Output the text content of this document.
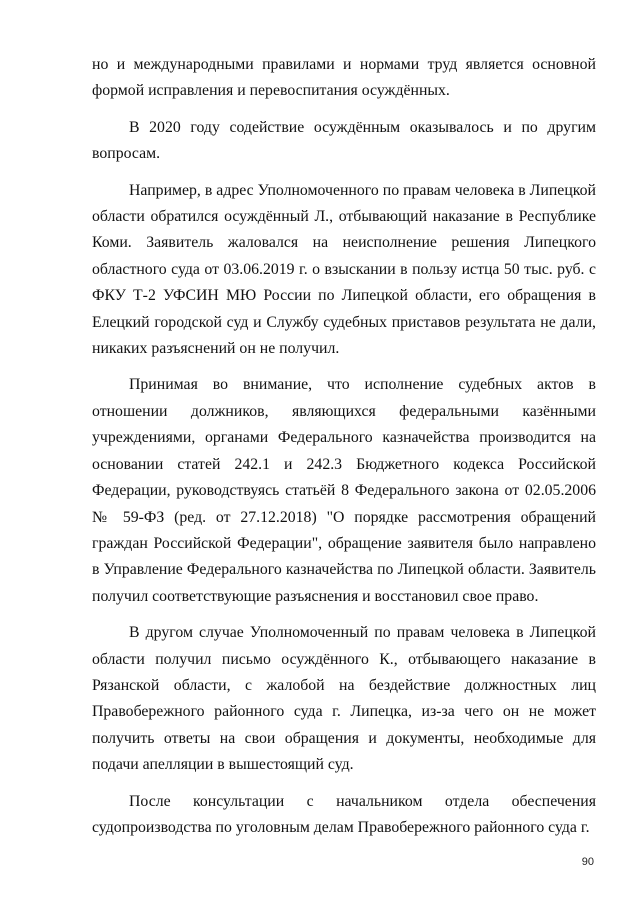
но и международными правилами и нормами труд является основной формой исправления и перевоспитания осуждённых.

В 2020 году содействие осуждённым оказывалось и по другим вопросам.

Например, в адрес Уполномоченного по правам человека в Липецкой области обратился осуждённый Л., отбывающий наказание в Республике Коми. Заявитель жаловался на неисполнение решения Липецкого областного суда от 03.06.2019 г. о взыскании в пользу истца 50 тыс. руб. с ФКУ Т-2 УФСИН МЮ России по Липецкой области, его обращения в Елецкий городской суд и Службу судебных приставов результата не дали, никаких разъяснений он не получил.

Принимая во внимание, что исполнение судебных актов в отношении должников, являющихся федеральными казёнными учреждениями, органами Федерального казначейства производится на основании статей 242.1 и 242.3 Бюджетного кодекса Российской Федерации, руководствуясь статьёй 8 Федерального закона от 02.05.2006 № 59-ФЗ (ред. от 27.12.2018) "О порядке рассмотрения обращений граждан Российской Федерации", обращение заявителя было направлено в Управление Федерального казначейства по Липецкой области. Заявитель получил соответствующие разъяснения и восстановил свое право.

В другом случае Уполномоченный по правам человека в Липецкой области получил письмо осуждённого К., отбывающего наказание в Рязанской области, с жалобой на бездействие должностных лиц Правобережного районного суда г. Липецка, из-за чего он не может получить ответы на свои обращения и документы, необходимые для подачи апелляции в вышестоящий суд.

После консультации с начальником отдела обеспечения судопроизводства по уголовным делам Правобережного районного суда г.

90
